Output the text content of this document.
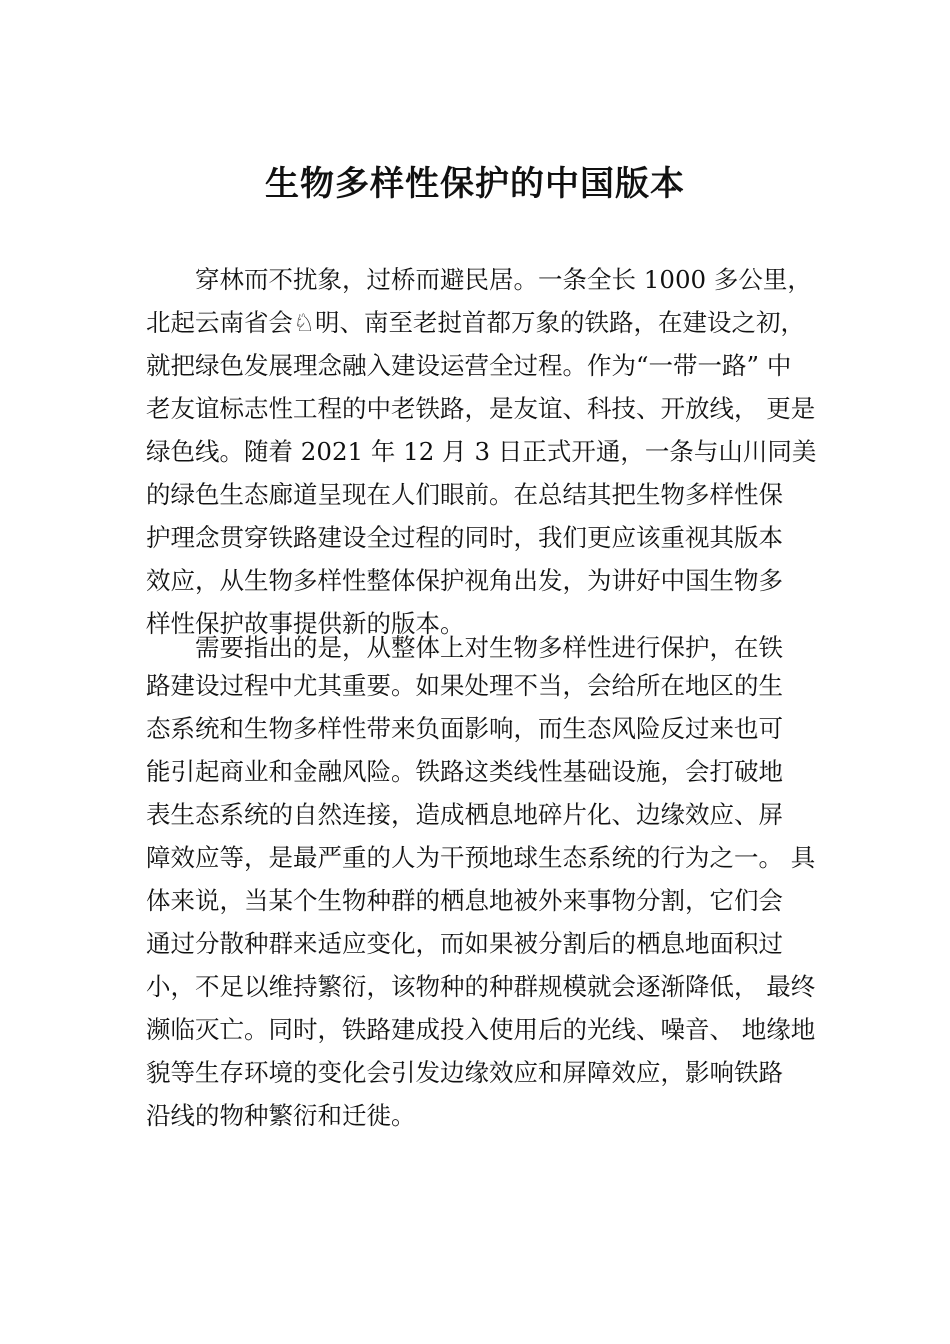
生物多样性保护的中国版本
穿林而不扰象，过桥而避民居。一条全长 1000 多公里，
北起云南省会♘明、南至老挝首都万象的铁路，在建设之初，
就把绿色发展理念融入建设运营全过程。作为“一带一路” 中
老友谊标志性工程的中老铁路，是友谊、科技、开放线， 更是
绿色线。随着 2021 年 12 月 3 日正式开通，一条与山川同美
的绿色生态廊道呈现在人们眼前。在总结其把生物多样性保
护理念贯穿铁路建设全过程的同时，我们更应该重视其版本
效应，从生物多样性整体保护视角出发，为讲好中国生物多
样性保护故事提供新的版本。
需要指出的是，从整体上对生物多样性进行保护，在铁
路建设过程中尤其重要。如果处理不当，会给所在地区的生
态系统和生物多样性带来负面影响，而生态风险反过来也可
能引起商业和金融风险。铁路这类线性基础设施，会打破地
表生态系统的自然连接，造成栖息地碎片化、边缘效应、屏
障效应等，是最严重的人为干预地球生态系统的行为之一。 具
体来说，当某个生物种群的栖息地被外来事物分割，它们会
通过分散种群来适应变化，而如果被分割后的栖息地面积过
小，不足以维持繁衍，该物种的种群规模就会逐渐降低， 最终
濒临灭亡。同时，铁路建成投入使用后的光线、噪音、 地缘地
貌等生存环境的变化会引发边缘效应和屏障效应，影响铁路
沿线的物种繁衍和迁徙。
